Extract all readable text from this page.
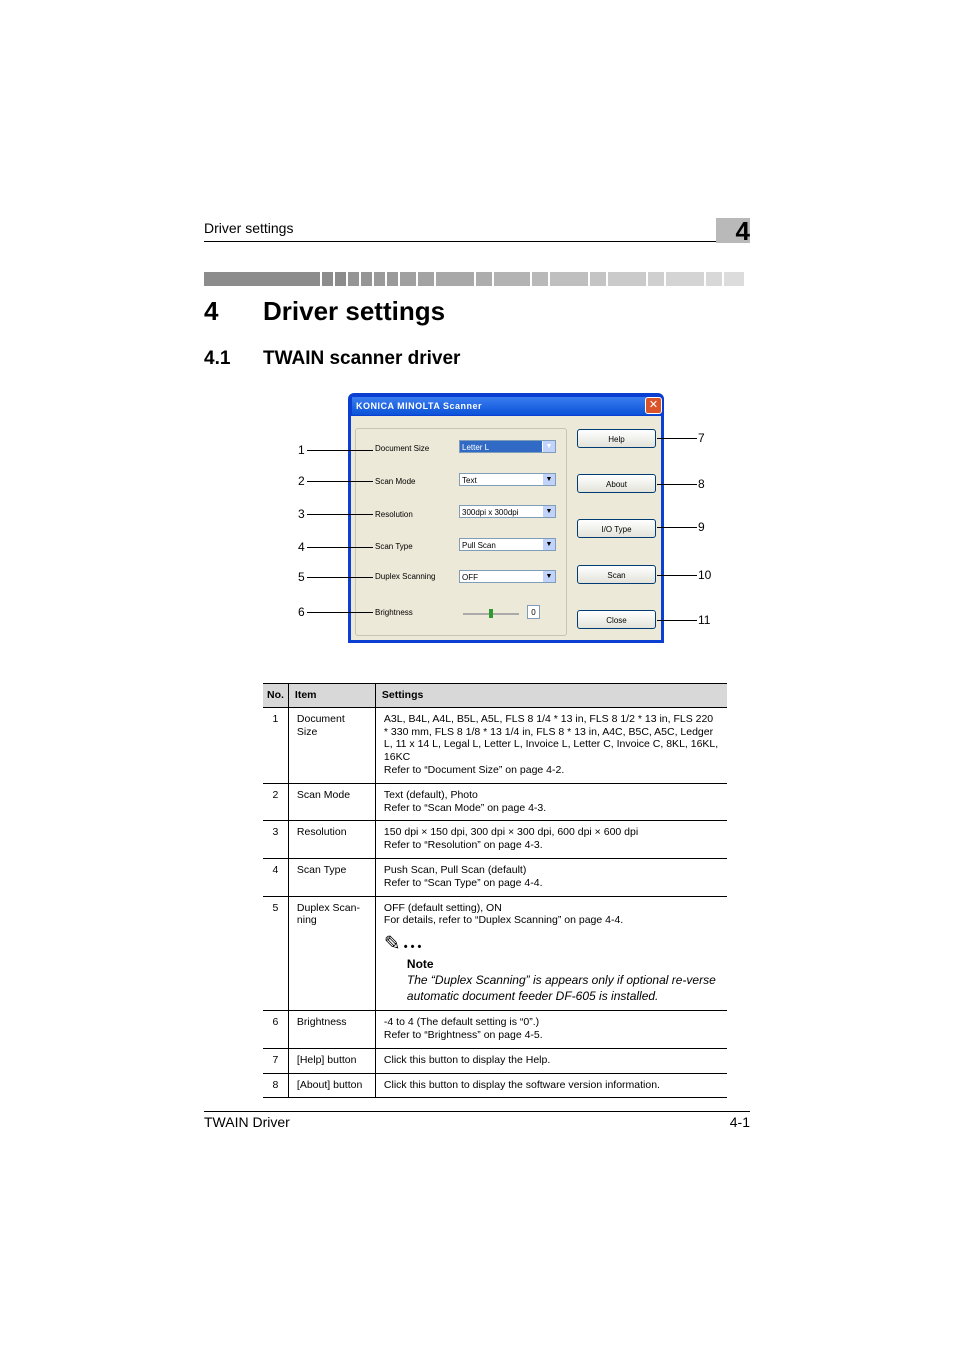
Driver settings	4
4 Driver settings
4.1 TWAIN scanner driver
KONICA MINOLTA Scanner	✕
Document Size	Letter L	▼
Scan Mode	Text	▼
Resolution	300dpi x 300dpi	▼
Scan Type	Pull Scan	▼
Duplex Scanning	OFF	▼
Brightness	0
Help
About
I/O Type
Scan
Close
1
2
3
4
5
6
7
8
9
10
11
No.	Item	Settings
1	Document Size	A3L, B4L, A4L, B5L, A5L, FLS 8 1/4 * 13 in, FLS 8 1/2 * 13 in, FLS 220 * 330 mm, FLS 8 1/8 * 13 1/4 in, FLS 8 * 13 in, A4C, B5C, A5C, Ledger L, 11 x 14 L, Legal L, Letter L, Invoice L, Letter C, Invoice C, 8KL, 16KL, 16KC
Refer to “Document Size” on page 4-2.

2	Scan Mode	Text (default), Photo
Refer to “Scan Mode” on page 4-3.

3	Resolution	150 dpi × 150 dpi, 300 dpi × 300 dpi, 600 dpi × 600 dpi
Refer to “Resolution” on page 4-3.

4	Scan Type	Push Scan, Pull Scan (default)
Refer to “Scan Type” on page 4-4.

5	Duplex Scan-ning	OFF (default setting), ON
For details, refer to “Duplex Scanning” on page 4-4.
✎ • • •
Note
The “Duplex Scanning” is appears only if optional re-verse automatic document feeder DF-605 is installed.

6	Brightness	-4 to 4 (The default setting is “0”.)
Refer to “Brightness” on page 4-5.

7	[Help] button	Click this button to display the Help.

8	[About] button	Click this button to display the software version information.
TWAIN Driver	4-1
